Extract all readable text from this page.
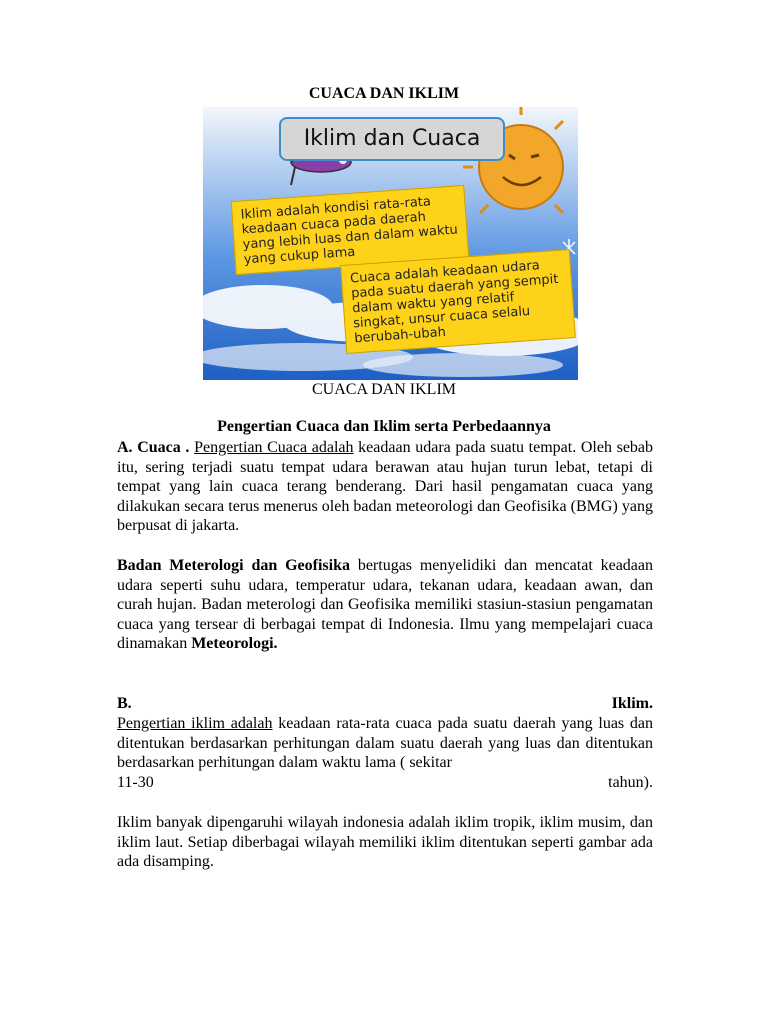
CUACA DAN IKLIM
Iklim dan Cuaca
Iklim adalah kondisi rata-rata keadaan cuaca pada daerah yang lebih luas dan dalam waktu yang cukup lama
Cuaca adalah keadaan udara pada suatu daerah yang sempit dalam waktu yang relatif singkat, unsur cuaca selalu berubah-ubah
CUACA DAN IKLIM
Pengertian Cuaca dan Iklim serta Perbedaannya

A. Cuaca . Pengertian Cuaca adalah keadaan udara pada suatu tempat. Oleh sebab itu, sering terjadi suatu tempat udara berawan atau hujan turun lebat, tetapi di tempat yang lain cuaca terang benderang. Dari hasil pengamatan cuaca yang dilakukan secara terus menerus oleh badan meteorologi dan Geofisika (BMG) yang berpusat di jakarta.

Badan Meterologi dan Geofisika bertugas menyelidiki dan mencatat keadaan udara seperti suhu udara, temperatur udara, tekanan udara, keadaan awan, dan curah hujan. Badan meterologi dan Geofisika memiliki stasiun-stasiun pengamatan cuaca yang tersear di berbagai tempat di Indonesia. Ilmu yang mempelajari cuaca dinamakan Meteorologi.

B.	Iklim.

Pengertian iklim adalah keadaan rata-rata cuaca pada suatu daerah yang luas dan ditentukan berdasarkan perhitungan dalam suatu daerah yang luas dan ditentukan berdasarkan perhitungan dalam waktu lama ( sekitar

11-30	tahun).

Iklim banyak dipengaruhi wilayah indonesia adalah iklim tropik, iklim musim, dan iklim laut. Setiap diberbagai wilayah memiliki iklim ditentukan seperti gambar ada ada disamping.
